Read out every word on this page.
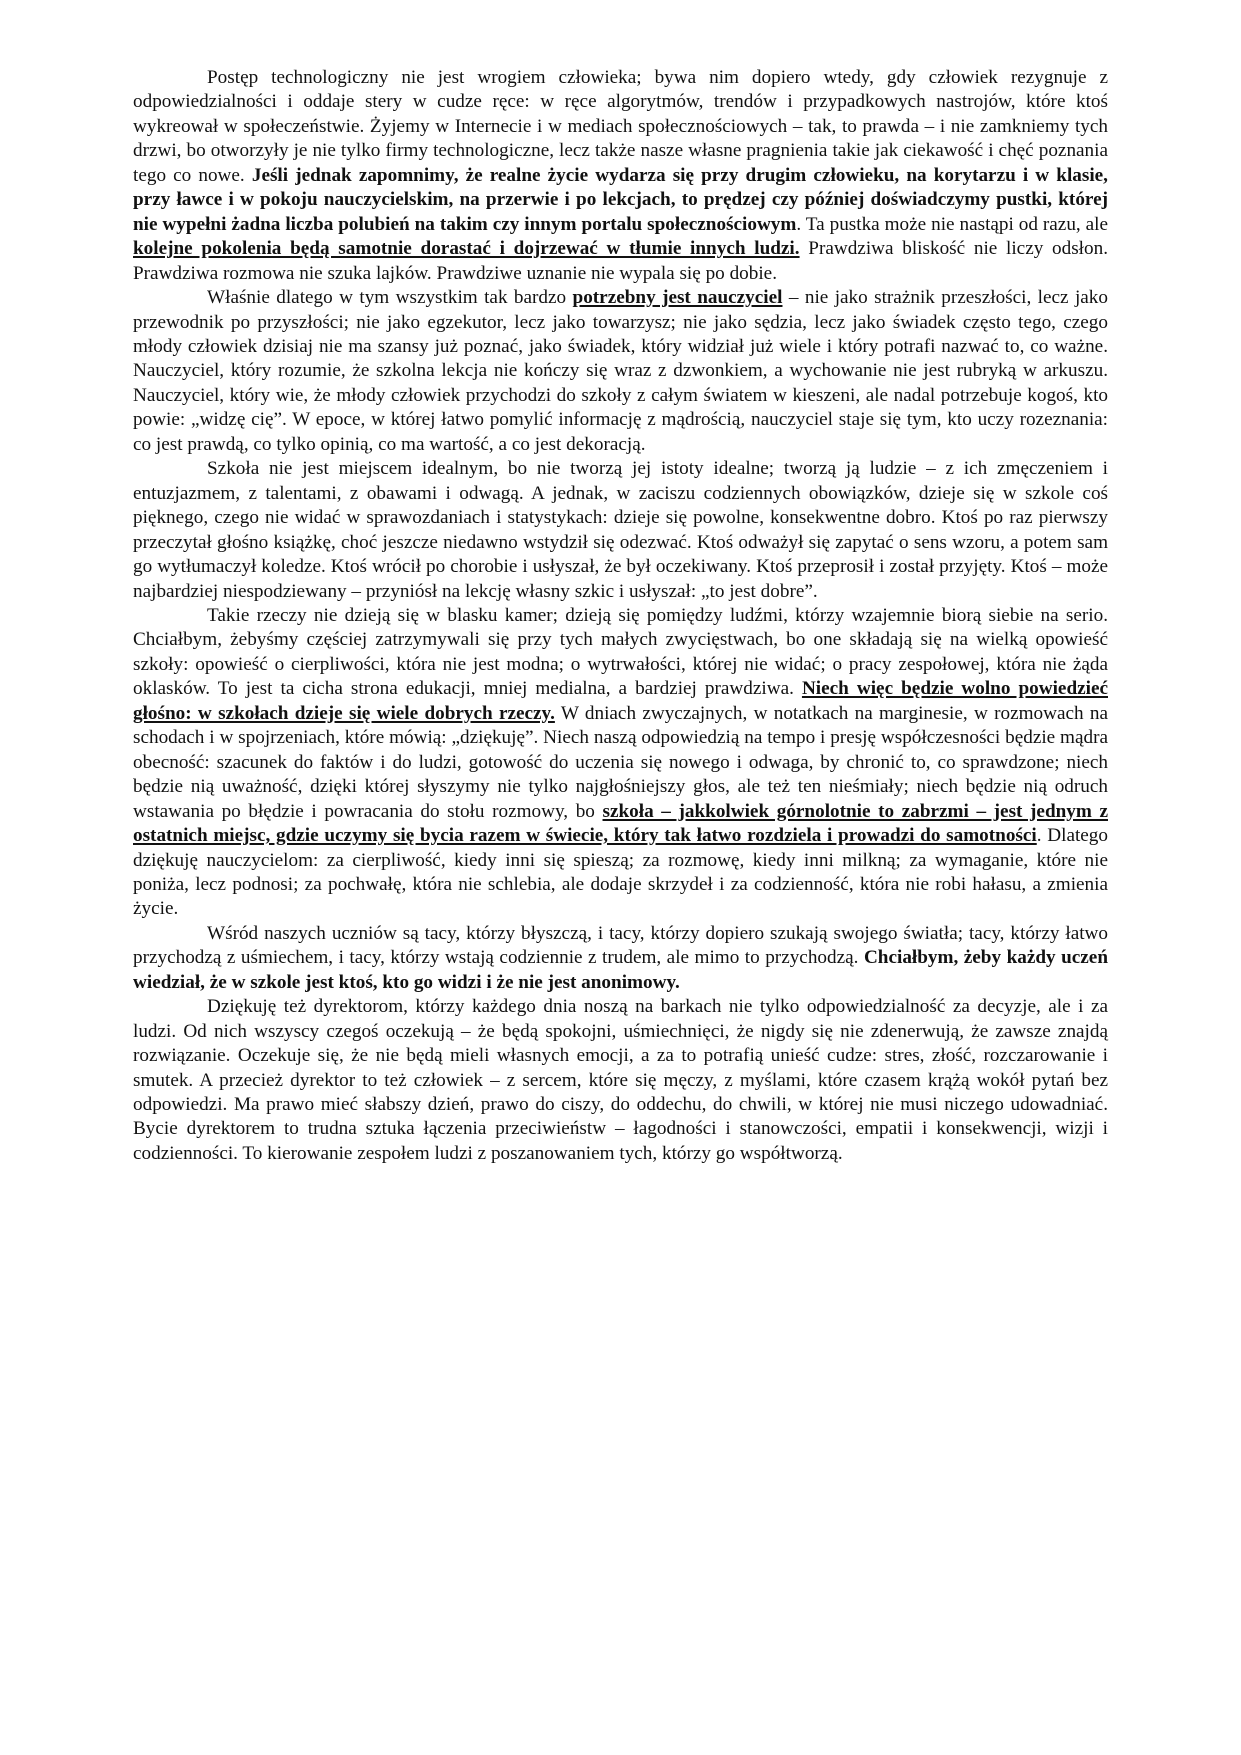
Postęp technologiczny nie jest wrogiem człowieka; bywa nim dopiero wtedy, gdy człowiek rezygnuje z odpowiedzialności i oddaje stery w cudze ręce: w ręce algorytmów, trendów i przypadkowych nastrojów, które ktoś wykreował w społeczeństwie. Żyjemy w Internecie i w mediach społecznościowych – tak, to prawda – i nie zamkniemy tych drzwi, bo otworzyły je nie tylko firmy technologiczne, lecz także nasze własne pragnienia takie jak ciekawość i chęć poznania tego co nowe. Jeśli jednak zapomnimy, że realne życie wydarza się przy drugim człowieku, na korytarzu i w klasie, przy ławce i w pokoju nauczycielskim, na przerwie i po lekcjach, to prędzej czy później doświadczymy pustki, której nie wypełni żadna liczba polubień na takim czy innym portalu społecznościowym. Ta pustka może nie nastąpi od razu, ale kolejne pokolenia będą samotnie dorastać i dojrzewać w tłumie innych ludzi. Prawdziwa bliskość nie liczy odsłon. Prawdziwa rozmowa nie szuka lajków. Prawdziwe uznanie nie wypala się po dobie.

Właśnie dlatego w tym wszystkim tak bardzo potrzebny jest nauczyciel – nie jako strażnik przeszłości, lecz jako przewodnik po przyszłości; nie jako egzekutor, lecz jako towarzysz; nie jako sędzia, lecz jako świadek często tego, czego młody człowiek dzisiaj nie ma szansy już poznać, jako świadek, który widział już wiele i który potrafi nazwać to, co ważne. Nauczyciel, który rozumie, że szkolna lekcja nie kończy się wraz z dzwonkiem, a wychowanie nie jest rubryką w arkuszu. Nauczyciel, który wie, że młody człowiek przychodzi do szkoły z całym światem w kieszeni, ale nadal potrzebuje kogoś, kto powie: „widzę cię”. W epoce, w której łatwo pomylić informację z mądrością, nauczyciel staje się tym, kto uczy rozeznania: co jest prawdą, co tylko opinią, co ma wartość, a co jest dekoracją.

Szkoła nie jest miejscem idealnym, bo nie tworzą jej istoty idealne; tworzą ją ludzie – z ich zmęczeniem i entuzjazmem, z talentami, z obawami i odwagą. A jednak, w zaciszu codziennych obowiązków, dzieje się w szkole coś pięknego, czego nie widać w sprawozdaniach i statystykach: dzieje się powolne, konsekwentne dobro. Ktoś po raz pierwszy przeczytał głośno książkę, choć jeszcze niedawno wstydził się odezwać. Ktoś odważył się zapytać o sens wzoru, a potem sam go wytłumaczył koledze. Ktoś wrócił po chorobie i usłyszał, że był oczekiwany. Ktoś przeprosił i został przyjęty. Ktoś – może najbardziej niespodziewany – przyniósł na lekcję własny szkic i usłyszał: „to jest dobre”.

Takie rzeczy nie dzieją się w blasku kamer; dzieją się pomiędzy ludźmi, którzy wzajemnie biorą siebie na serio. Chciałbym, żebyśmy częściej zatrzymywali się przy tych małych zwycięstwach, bo one składają się na wielką opowieść szkoły: opowieść o cierpliwości, która nie jest modna; o wytrwałości, której nie widać; o pracy zespołowej, która nie żąda oklasków. To jest ta cicha strona edukacji, mniej medialna, a bardziej prawdziwa. Niech więc będzie wolno powiedzieć głośno: w szkołach dzieje się wiele dobrych rzeczy. W dniach zwyczajnych, w notatkach na marginesie, w rozmowach na schodach i w spojrzeniach, które mówią: „dziękuję”. Niech naszą odpowiedzią na tempo i presję współczesności będzie mądra obecność: szacunek do faktów i do ludzi, gotowość do uczenia się nowego i odwaga, by chronić to, co sprawdzone; niech będzie nią uważność, dzięki której słyszymy nie tylko najgłośniejszy głos, ale też ten nieśmiały; niech będzie nią odruch wstawania po błędzie i powracania do stołu rozmowy, bo szkoła – jakkolwiek górnolotnie to zabrzmi – jest jednym z ostatnich miejsc, gdzie uczymy się bycia razem w świecie, który tak łatwo rozdziela i prowadzi do samotności. Dlatego dziękuję nauczycielom: za cierpliwość, kiedy inni się spieszą; za rozmowę, kiedy inni milkną; za wymaganie, które nie poniża, lecz podnosi; za pochwałę, która nie schlebia, ale dodaje skrzydeł i za codzienność, która nie robi hałasu, a zmienia życie.

Wśród naszych uczniów są tacy, którzy błyszczą, i tacy, którzy dopiero szukają swojego światła; tacy, którzy łatwo przychodzą z uśmiechem, i tacy, którzy wstają codziennie z trudem, ale mimo to przychodzą. Chciałbym, żeby każdy uczeń wiedział, że w szkole jest ktoś, kto go widzi i że nie jest anonimowy.

Dziękuję też dyrektorom, którzy każdego dnia noszą na barkach nie tylko odpowiedzialność za decyzje, ale i za ludzi. Od nich wszyscy czegoś oczekują – że będą spokojni, uśmiechnięci, że nigdy się nie zdenerwują, że zawsze znajdą rozwiązanie. Oczekuje się, że nie będą mieli własnych emocji, a za to potrafią unieść cudze: stres, złość, rozczarowanie i smutek. A przecież dyrektor to też człowiek – z sercem, które się męczy, z myślami, które czasem krążą wokół pytań bez odpowiedzi. Ma prawo mieć słabszy dzień, prawo do ciszy, do oddechu, do chwili, w której nie musi niczego udowadniać. Bycie dyrektorem to trudna sztuka łączenia przeciwieństw – łagodności i stanowczości, empatii i konsekwencji, wizji i codzienności. To kierowanie zespołem ludzi z poszanowaniem tych, którzy go współtworzą.
